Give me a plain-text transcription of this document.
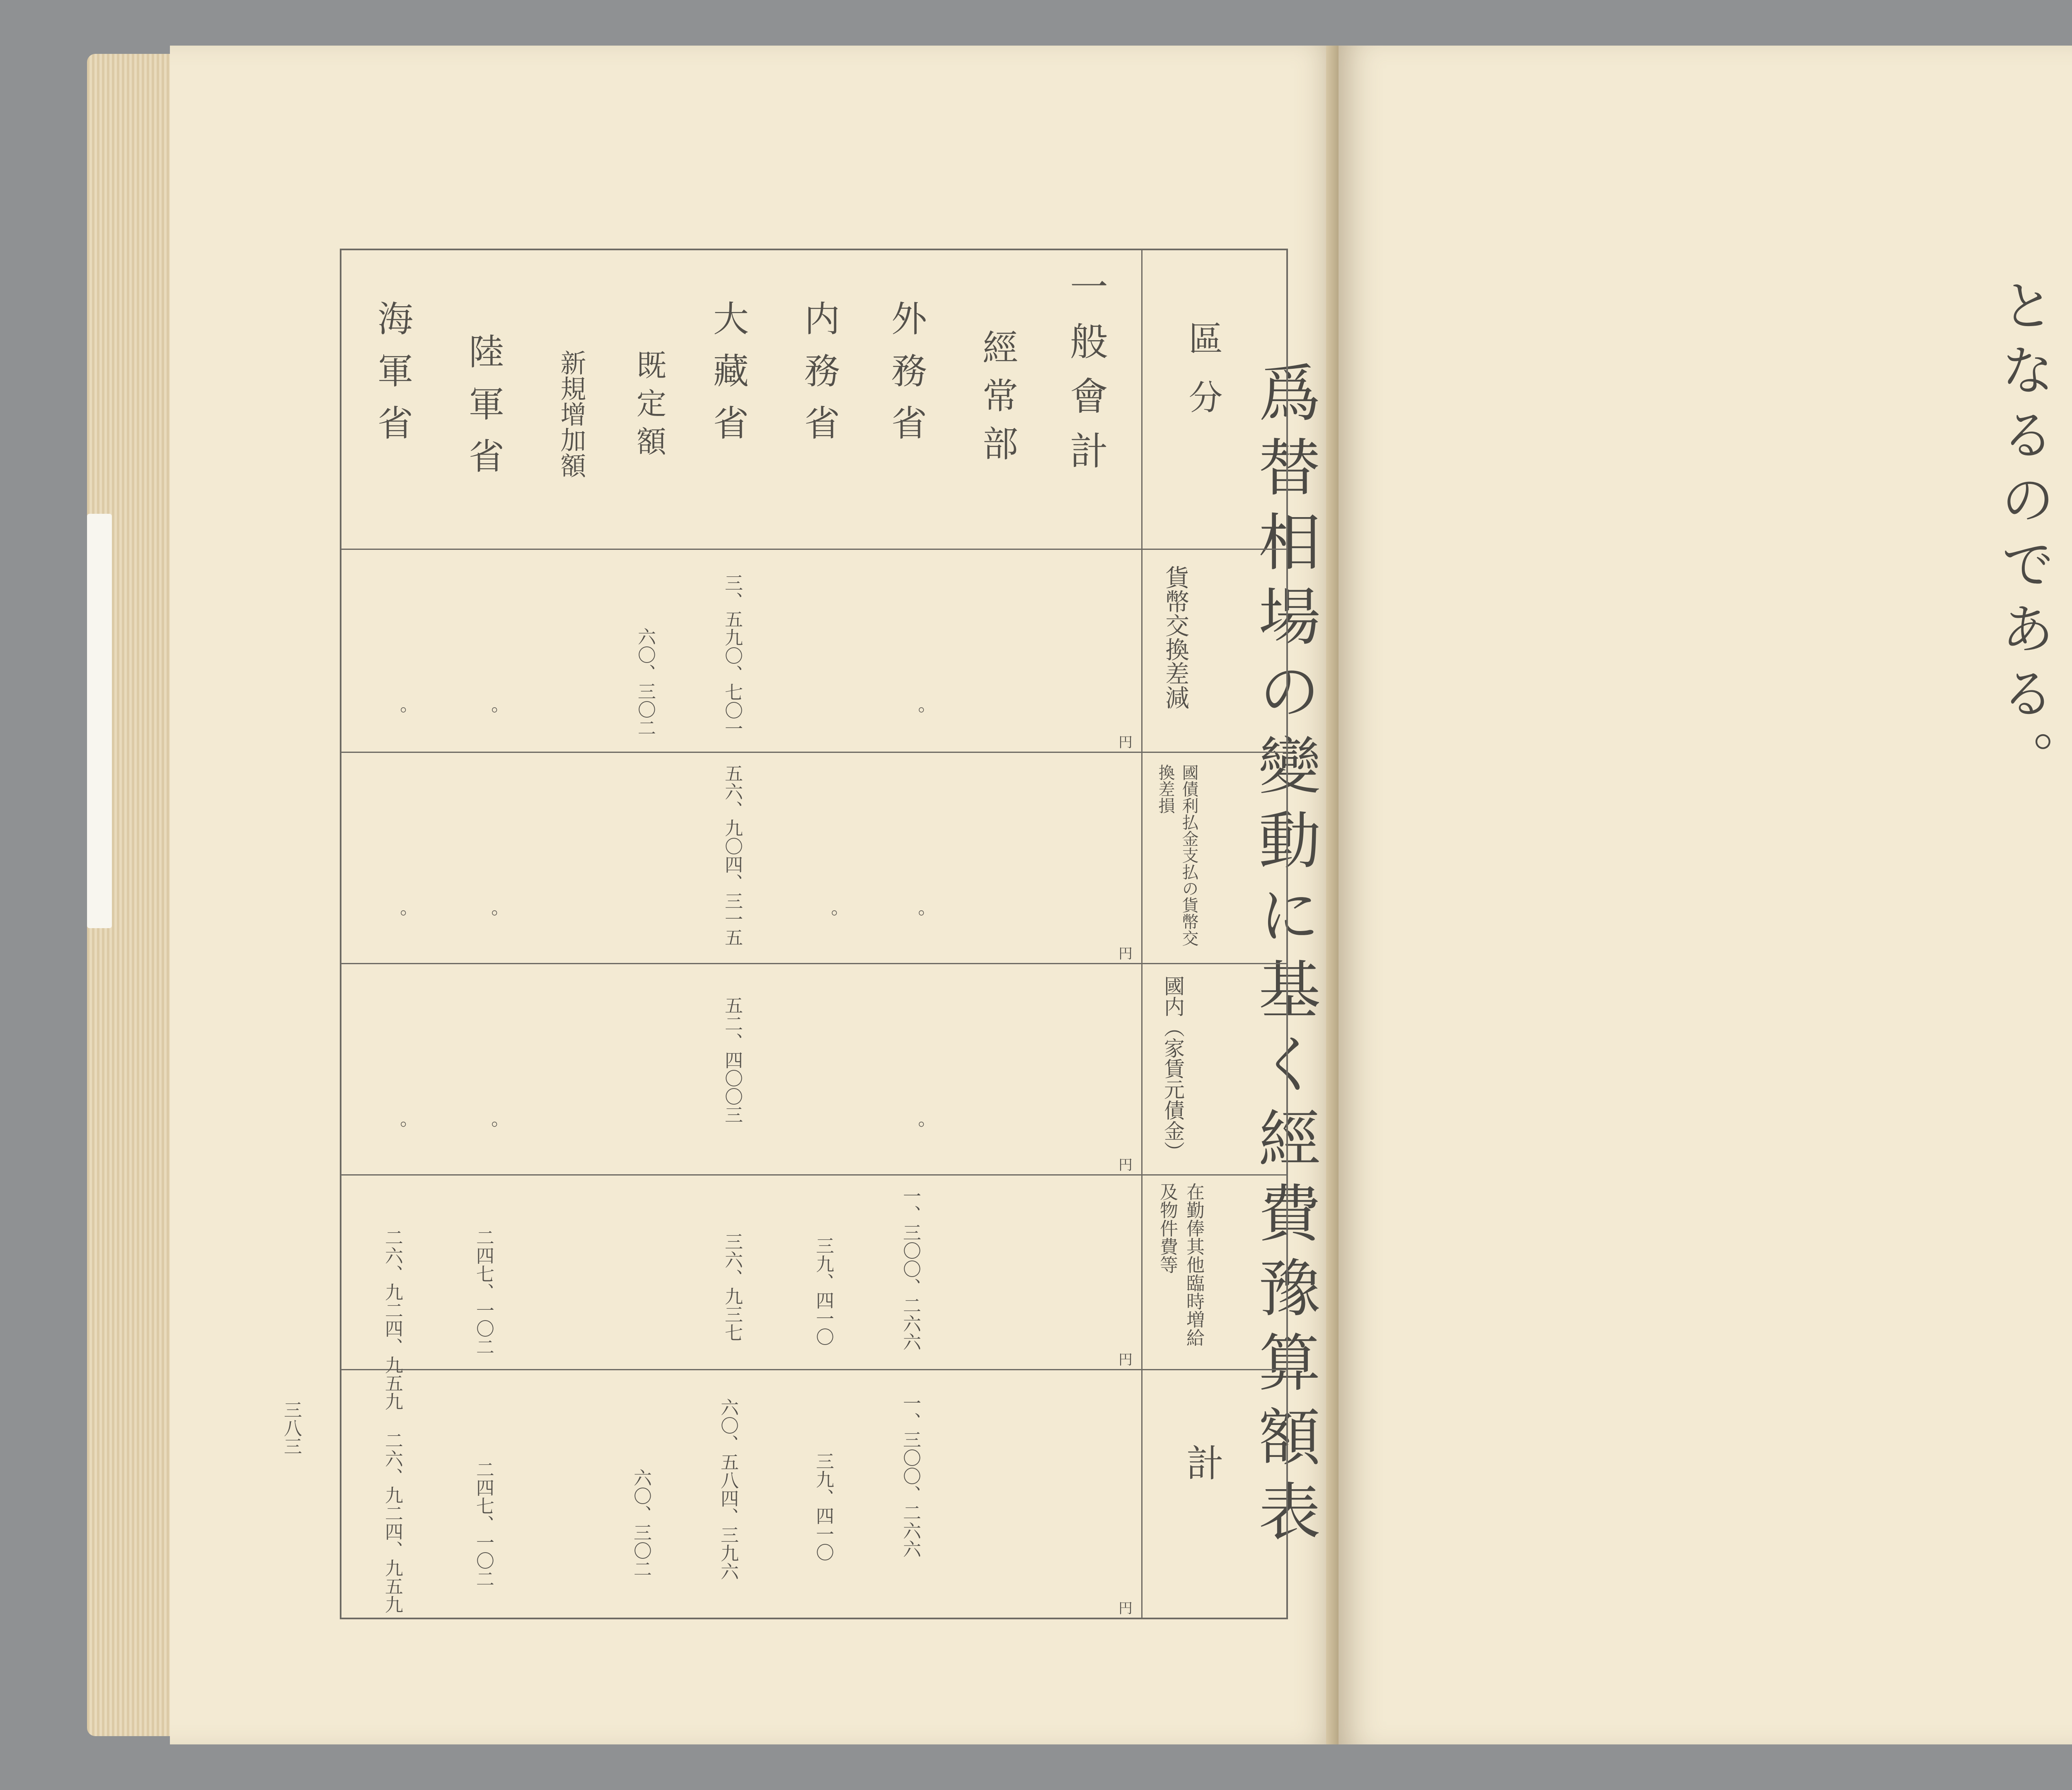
爲替相場の變動に基く經費豫算額表
區分
貨幣交換差減
國債利払金支払の貨幣交換差損
國内（家賃元債金）
在勤俸其他臨時増給及物件費等
計
円
円
円
円
円
一般會計
經常部
外務省
内務省
大藏省
既定額
新規增加額
陸軍省
海軍省
。
。
。
一、三〇〇、二六六
一、三〇〇、二六六
。
三九、四一〇
三九、四一〇
三、五九〇、七〇一
五六、九〇四、三一五
五二、四〇〇三
三六、九三七
六〇、五八四、三九六
六〇、三〇二
六〇、三〇二
。
。
。
二四七、一〇二
二四七、一〇二
。
。
。
二六、九二四、九五九
二六、九二四、九五九
三八三
となるのである。
